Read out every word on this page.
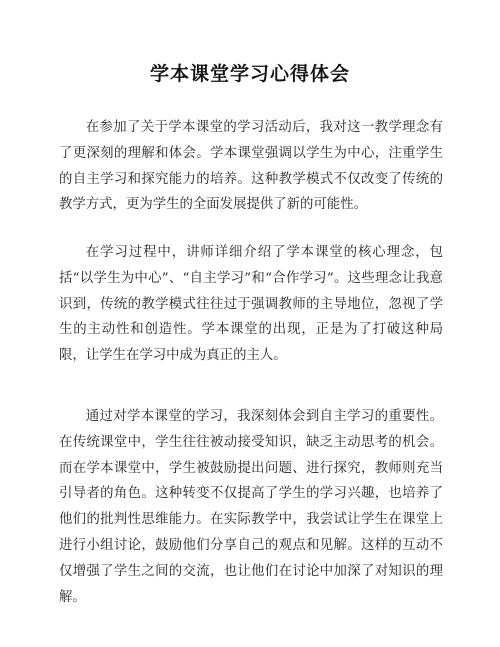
学本课堂学习心得体会

在参加了关于学本课堂的学习活动后，我对这一教学理念有了更深刻的理解和体会。学本课堂强调以学生为中心，注重学生的自主学习和探究能力的培养。这种教学模式不仅改变了传统的教学方式，更为学生的全面发展提供了新的可能性。

在学习过程中，讲师详细介绍了学本课堂的核心理念，包括“以学生为中心”、“自主学习”和“合作学习”。这些理念让我意识到，传统的教学模式往往过于强调教师的主导地位，忽视了学生的主动性和创造性。学本课堂的出现，正是为了打破这种局限，让学生在学习中成为真正的主人。

通过对学本课堂的学习，我深刻体会到自主学习的重要性。在传统课堂中，学生往往被动接受知识，缺乏主动思考的机会。而在学本课堂中，学生被鼓励提出问题、进行探究，教师则充当引导者的角色。这种转变不仅提高了学生的学习兴趣，也培养了他们的批判性思维能力。在实际教学中，我尝试让学生在课堂上进行小组讨论，鼓励他们分享自己的观点和见解。这样的互动不仅增强了学生之间的交流，也让他们在讨论中加深了对知识的理解。
